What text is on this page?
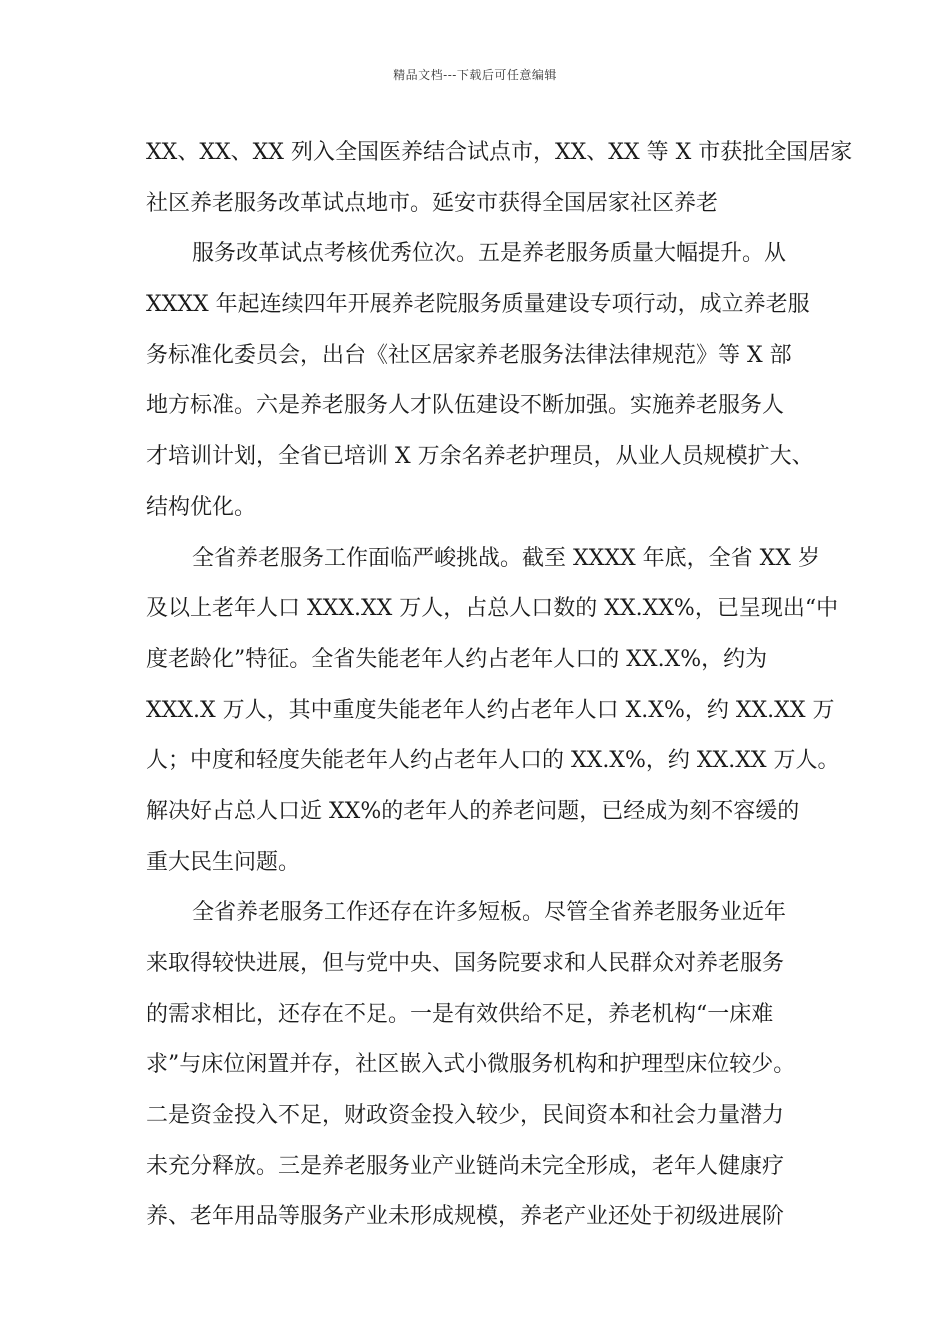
精品文档---下载后可任意编辑
XX、XX、XX 列入全国医养结合试点市，XX、XX 等 X 市获批全国居家
社区养老服务改革试点地市。延安市获得全国居家社区养老
服务改革试点考核优秀位次。五是养老服务质量大幅提升。从
XXXX 年起连续四年开展养老院服务质量建设专项行动，成立养老服
务标准化委员会，出台《社区居家养老服务法律法律规范》等 X 部
地方标准。六是养老服务人才队伍建设不断加强。实施养老服务人
才培训计划，全省已培训 X 万余名养老护理员，从业人员规模扩大、
结构优化。
全省养老服务工作面临严峻挑战。截至 XXXX 年底，全省 XX 岁
及以上老年人口 XXX.XX 万人，占总人口数的 XX.XX%，已呈现出“中
度老龄化”特征。全省失能老年人约占老年人口的 XX.X%，约为
XXX.X 万人，其中重度失能老年人约占老年人口 X.X%，约 XX.XX 万
人；中度和轻度失能老年人约占老年人口的 XX.X%，约 XX.XX 万人。
解决好占总人口近 XX%的老年人的养老问题，已经成为刻不容缓的
重大民生问题。
全省养老服务工作还存在许多短板。尽管全省养老服务业近年
来取得较快进展，但与党中央、国务院要求和人民群众对养老服务
的需求相比，还存在不足。一是有效供给不足，养老机构“一床难
求”与床位闲置并存，社区嵌入式小微服务机构和护理型床位较少。
二是资金投入不足，财政资金投入较少，民间资本和社会力量潜力
未充分释放。三是养老服务业产业链尚未完全形成，老年人健康疗
养、老年用品等服务产业未形成规模，养老产业还处于初级进展阶
